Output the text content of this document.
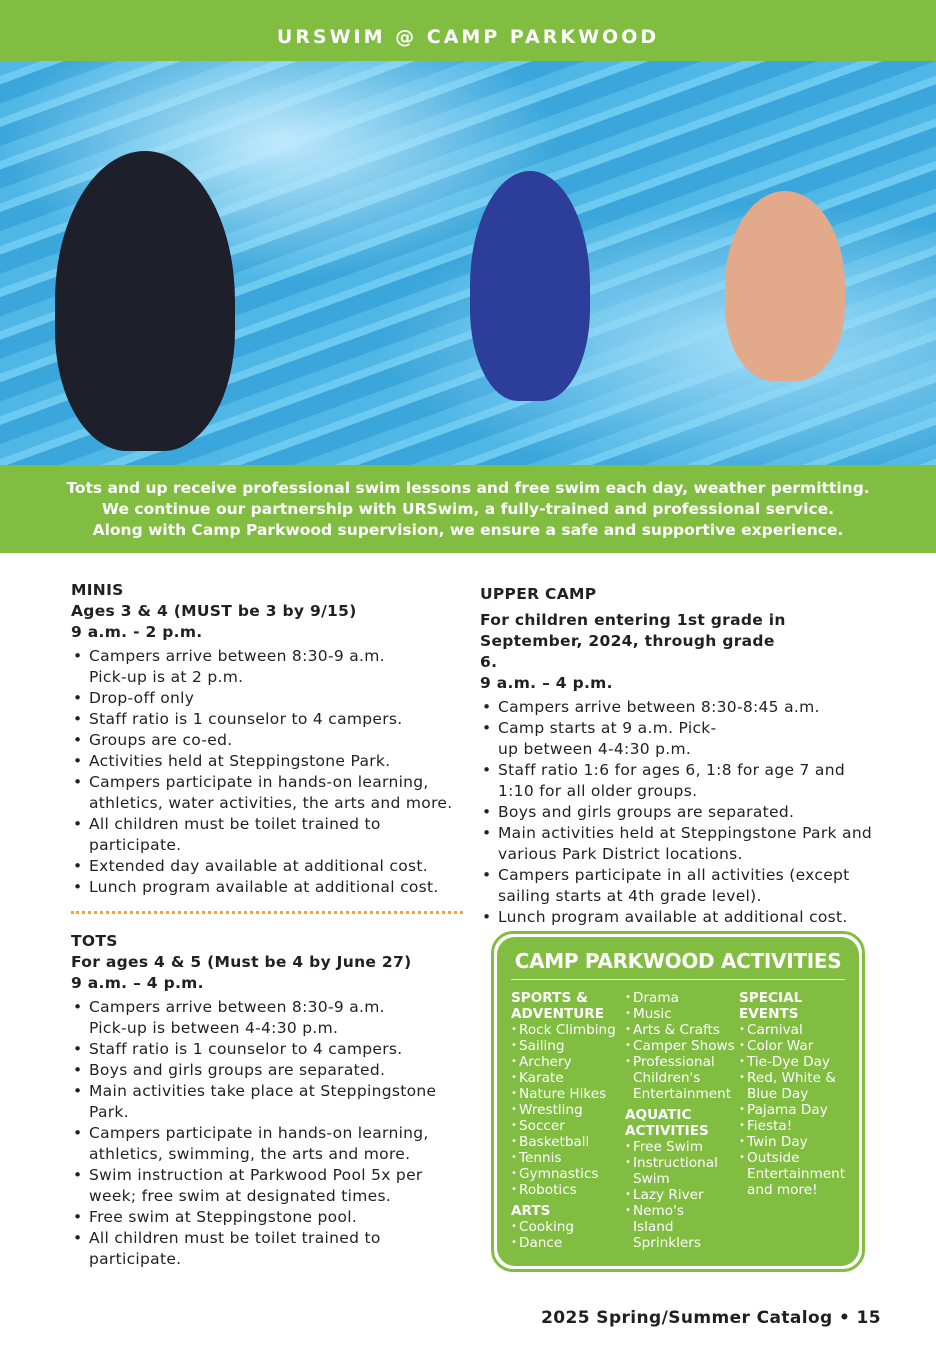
URSWIM @ CAMP PARKWOOD
Tots and up receive professional swim lessons and free swim each day, weather permitting.
We continue our partnership with URSwim, a fully-trained and professional service.
Along with Camp Parkwood supervision, we ensure a safe and supportive experience.
MINIS
Ages 3 & 4 (MUST be 3 by 9/15)
9 a.m. - 2 p.m.
• Campers arrive between 8:30-9 a.m. Pick-up is at 2 p.m.
• Drop-off only
• Staff ratio is 1 counselor to 4 campers.
• Groups are co-ed.
• Activities held at Steppingstone Park.
• Campers participate in hands-on learning, athletics, water activities, the arts and more.
• All children must be toilet trained to participate.
• Extended day available at additional cost.
• Lunch program available at additional cost.
TOTS
For ages 4 & 5 (Must be 4 by June 27)
9 a.m. – 4 p.m.
• Campers arrive between 8:30-9 a.m. Pick-up is between 4-4:30 p.m.
• Staff ratio is 1 counselor to 4 campers.
• Boys and girls groups are separated.
• Main activities take place at Steppingstone Park.
• Campers participate in hands-on learning, athletics, swimming, the arts and more.
• Swim instruction at Parkwood Pool 5x per week; free swim at designated times.
• Free swim at Steppingstone pool.
• All children must be toilet trained to participate.
UPPER CAMP
For children entering 1st grade in September, 2024, through grade 6.
9 a.m. – 4 p.m.
• Campers arrive between 8:30-8:45 a.m.
• Camp starts at 9 a.m. Pick-up between 4-4:30 p.m.
• Staff ratio 1:6 for ages 6, 1:8 for age 7 and 1:10 for all older groups.
• Boys and girls groups are separated.
• Main activities held at Steppingstone Park and various Park District locations.
• Campers participate in all activities (except sailing starts at 4th grade level).
• Lunch program available at additional cost.
CAMP PARKWOOD ACTIVITIES
SPORTS & ADVENTURE
• Rock Climbing
• Sailing
• Archery
• Karate
• Nature Hikes
• Wrestling
• Soccer
• Basketball
• Tennis
• Gymnastics
• Robotics
ARTS
• Cooking
• Dance
• Drama
• Music
• Arts & Crafts
• Camper Shows
• Professional Children's Entertainment
AQUATIC ACTIVITIES
• Free Swim
• Instructional Swim
• Lazy River
• Nemo's Island Sprinklers
SPECIAL EVENTS
• Carnival
• Color War
• Tie-Dye Day
• Red, White & Blue Day
• Pajama Day
• Fiesta!
• Twin Day
• Outside Entertainment and more!
2025 Spring/Summer Catalog • 15
